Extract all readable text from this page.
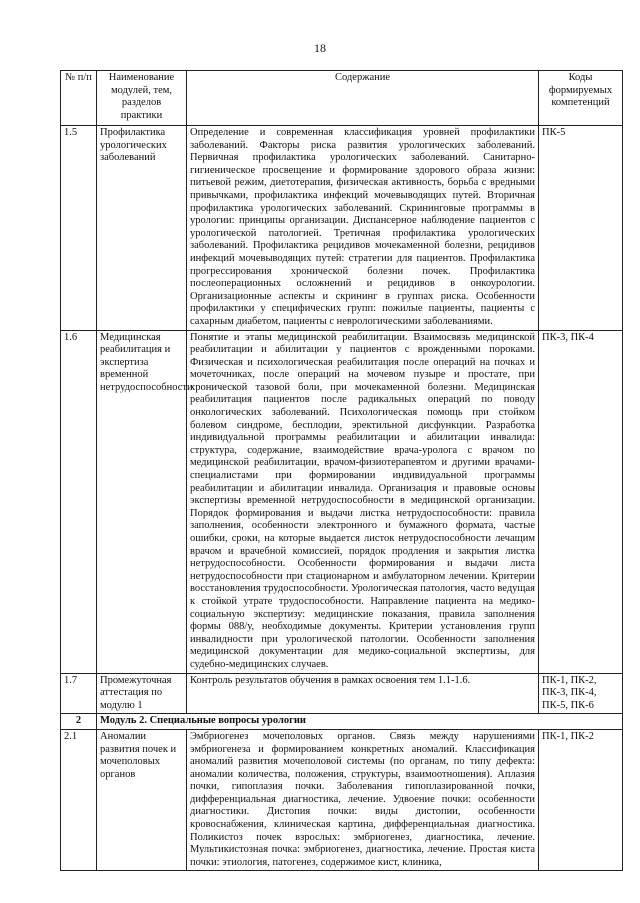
18
№ п/п	Наименование модулей, тем, разделов практики	Содержание	Коды формируемых компетенций
1.5	Профилактика урологических заболеваний	Определение и современная классификация уровней профилактики заболеваний. Факторы риска развития урологических заболеваний. Первичная профилактика урологических заболеваний. Санитарно-гигиеническое просвещение и формирование здорового образа жизни: питьевой режим, диетотерапия, физическая активность, борьба с вредными привычками, профилактика инфекций мочевыводящих путей. Вторичная профилактика урологических заболеваний. Скрининговые программы в урологии: принципы организации. Диспансерное наблюдение пациентов с урологической патологией. Третичная профилактика урологических заболеваний. Профилактика рецидивов мочекаменной болезни, рецидивов инфекций мочевыводящих путей: стратегии для пациентов. Профилактика прогрессирования хронической болезни почек. Профилактика послеоперационных осложнений и рецидивов в онкоурологии. Организационные аспекты и скрининг в группах риска. Особенности профилактики у специфических групп: пожилые пациенты, пациенты с сахарным диабетом, пациенты с неврологическими заболеваниями.	ПК-5
1.6	Медицинская реабилитация и экспертиза временной нетрудоспособности	Понятие и этапы медицинской реабилитации. Взаимосвязь медицинской реабилитации и абилитации у пациентов с врожденными пороками. Физическая и психологическая реабилитация после операций на почках и мочеточниках, после операций на мочевом пузыре и простате, при хронической тазовой боли, при мочекаменной болезни. Медицинская реабилитация пациентов после радикальных операций по поводу онкологических заболеваний. Психологическая помощь при стойком болевом синдроме, бесплодии, эректильной дисфункции. Разработка индивидуальной программы реабилитации и абилитации инвалида: структура, содержание, взаимодействие врача-уролога с врачом по медицинской реабилитации, врачом-физиотерапевтом и другими врачами-специалистами при формировании индивидуальной программы реабилитации и абилитации инвалида. Организация и правовые основы экспертизы временной нетрудоспособности в медицинской организации. Порядок формирования и выдачи листка нетрудоспособности: правила заполнения, особенности электронного и бумажного формата, частые ошибки, сроки, на которые выдается листок нетрудоспособности лечащим врачом и врачебной комиссией, порядок продления и закрытия листка нетрудоспособности. Особенности формирования и выдачи листа нетрудоспособности при стационарном и амбулаторном лечении. Критерии восстановления трудоспособности. Урологическая патология, часто ведущая к стойкой утрате трудоспособности. Направление пациента на медико-социальную экспертизу: медицинские показания, правила заполнения формы 088/у, необходимые документы. Критерии установления групп инвалидности при урологической патологии. Особенности заполнения медицинской документации для медико-социальной экспертизы, для судебно-медицинских случаев.	ПК-3, ПК-4
1.7	Промежуточная аттестация по модулю 1	Контроль результатов обучения в рамках освоения тем 1.1-1.6.	ПК-1, ПК-2, ПК-3, ПК-4, ПК-5, ПК-6
2	Модуль 2. Специальные вопросы урологии		
2.1	Аномалии развития почек и мочеполовых органов	Эмбриогенез мочеполовых органов. Связь между нарушениями эмбриогенеза и формированием конкретных аномалий. Классификация аномалий развития мочеполовой системы (по органам, по типу дефекта: аномалии количества, положения, структуры, взаимоотношения). Аплазия почки, гипоплазия почки. Заболевания гипоплазированной почки, дифференциальная диагностика, лечение. Удвоение почки: особенности диагностики. Дистопия почки: виды дистопии, особенности кровоснабжения, клиническая картина, дифференциальная диагностика. Поликистоз почек взрослых: эмбриогенез, диагностика, лечение. Мультикистозная почка: эмбриогенез, диагностика, лечение. Простая киста почки: этиология, патогенез, содержимое кист, клиника,	ПК-1, ПК-2
